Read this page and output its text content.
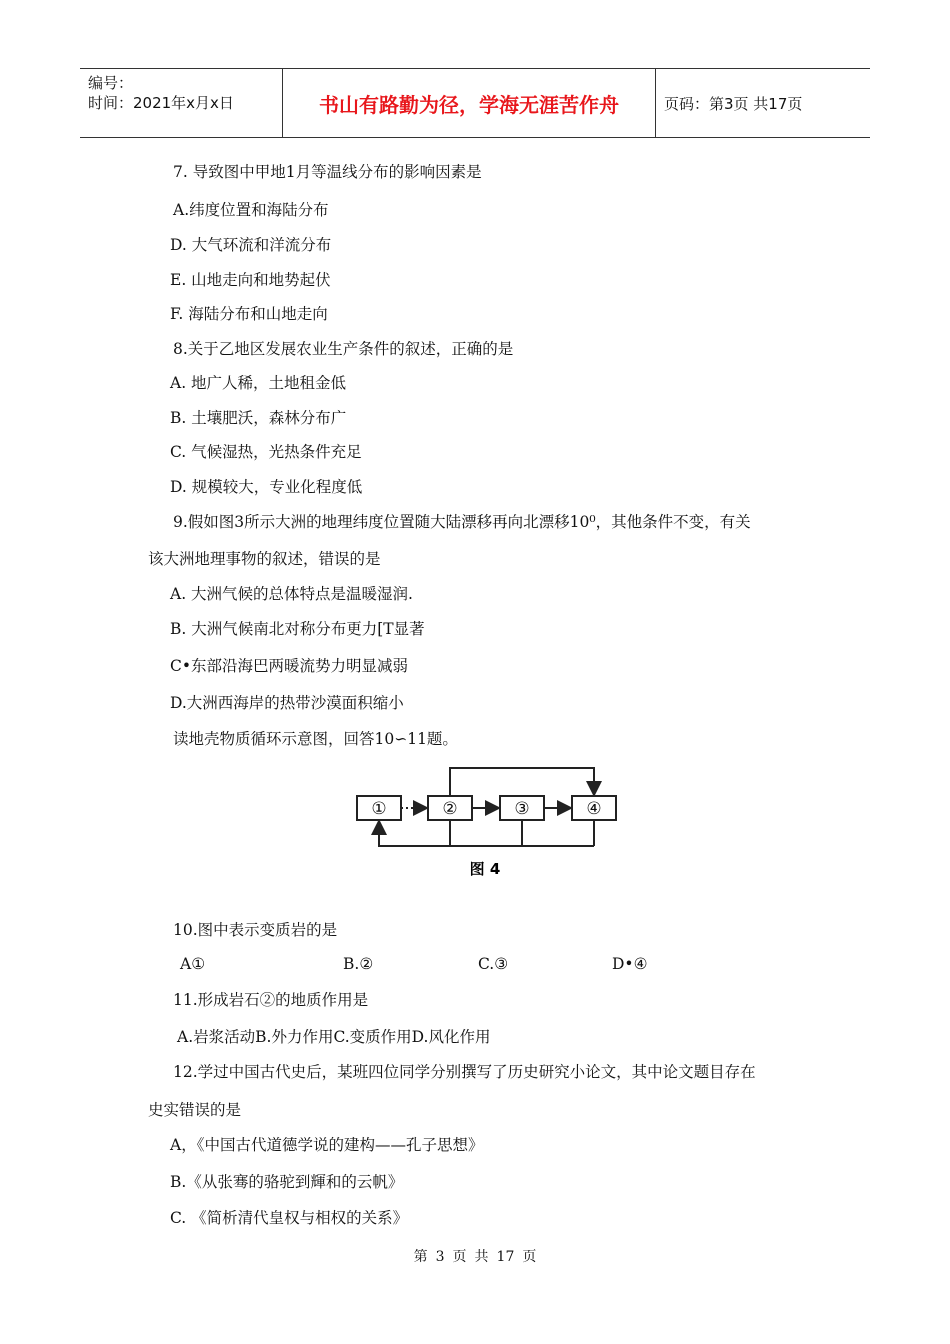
编号：
时间：2021年x月x日	书山有路勤为径，学海无涯苦作舟	页码：第3页 共17页
7. 导致图中甲地1月等温线分布的影响因素是
A.纬度位置和海陆分布
D. 大气环流和洋流分布
E. 山地走向和地势起伏
F. 海陆分布和山地走向
8.关于乙地区发展农业生产条件的叙述，正确的是
A. 地广人稀，土地租金低
B. 土壤肥沃，森林分布广
C. 气候湿热，光热条件充足
D. 规模较大，专业化程度低
9.假如图3所示大洲的地理纬度位置随大陆漂移再向北漂移10⁰，其他条件不变，有关
该大洲地理事物的叙述，错误的是
A. 大洲气候的总体特点是温暖湿润.
B. 大洲气候南北对称分布更力[T显著
C•东部沿海巴两暖流势力明显减弱
D.大洲西海岸的热带沙漠面积缩小
读地壳物质循环示意图，回答10∽11题。
①	②	③	④
图 4
10.图中表示变质岩的是
A①	B.②	C.③	D•④
11.形成岩石②的地质作用是
A.岩浆活动B.外力作用C.变质作用D.风化作用
12.学过中国古代史后，某班四位同学分别撰写了历史研究小论文，其中论文题目存在
史实错误的是
A，《中国古代道德学说的建构——孔子思想》
B.《从张骞的骆驼到輝和的云帆》
C. 《简析清代皇权与相权的关系》
第 3 页 共 17 页
